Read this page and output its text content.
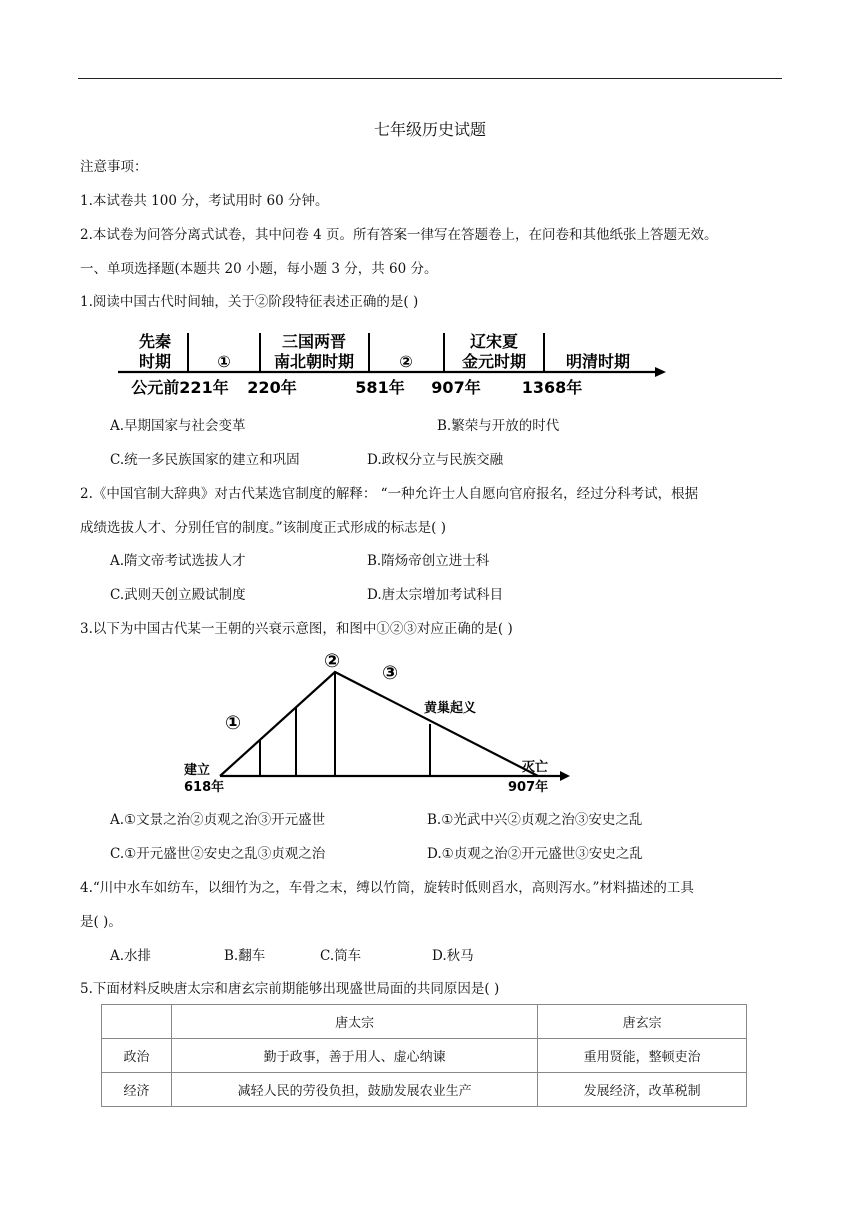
七年级历史试题
注意事项：
1.本试卷共 100 分，考试用时 60 分钟。
2.本试卷为问答分离式试卷，其中问卷 4 页。所有答案一律写在答题卷上，在问卷和其他纸张上答题无效。
一、单项选择题(本题共 20 小题，每小题 3 分，共 60 分。
1.阅读中国古代时间轴，关于②阶段特征表述正确的是( )
先秦
时期	①
三国两晋
南北朝时期	②
辽宋夏
金元时期 明清时期
公元前221年 220年	581年 907年	1368年
A.早期国家与社会变革	B.繁荣与开放的时代
C.统一多民族国家的建立和巩固	D.政权分立与民族交融
2.《中国官制大辞典》对古代某选官制度的解释： “一种允许士人自愿向官府报名，经过分科考试，根据
成绩选拔人才、分别任官的制度。”该制度正式形成的标志是( )
A.隋文帝考试选拔人才	B.隋炀帝创立进士科
C.武则天创立殿试制度	D.唐太宗增加考试科目
3.以下为中国古代某一王朝的兴衰示意图，和图中①②③对应正确的是( )
①
②
③
黄巢起义
建立
618年
灭亡
907年
A.①文景之治②贞观之治③开元盛世	B.①光武中兴②贞观之治③安史之乱
C.①开元盛世②安史之乱③贞观之治	D.①贞观之治②开元盛世③安史之乱
4.“川中水车如纺车，以细竹为之，车骨之末，缚以竹筒，旋转时低则舀水，高则泻水。”材料描述的工具
是( )。
A.水排	B.翻车	C.筒车	D.秋马
5.下面材料反映唐太宗和唐玄宗前期能够出现盛世局面的共同原因是( )
	唐太宗	唐玄宗
政治	勤于政事，善于用人、虚心纳谏	重用贤能，整顿吏治
经济	减轻人民的劳役负担，鼓励发展农业生产	发展经济，改革税制
